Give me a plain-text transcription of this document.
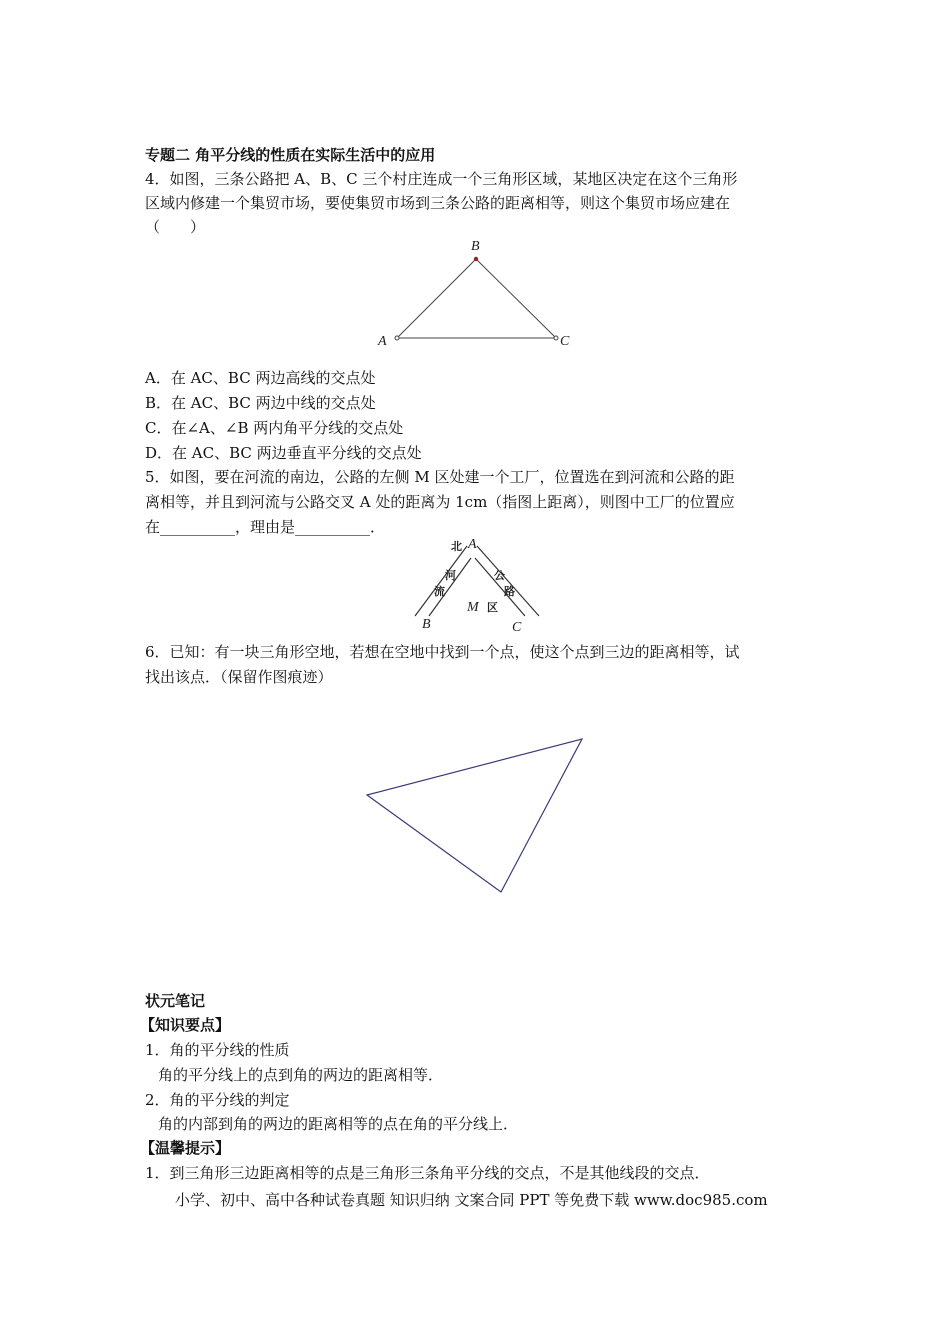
专题二 角平分线的性质在实际生活中的应用
4．如图，三条公路把 A、B、C 三个村庄连成一个三角形区域，某地区决定在这个三角形
区域内修建一个集贸市场，要使集贸市场到三条公路的距离相等，则这个集贸市场应建在
（　　）
B
A	C
A．在 AC、BC 两边高线的交点处
B．在 AC、BC 两边中线的交点处
C．在∠A、∠B 两内角平分线的交点处
D．在 AC、BC 两边垂直平分线的交点处
5．如图，要在河流的南边，公路的左侧 M 区处建一个工厂，位置选在到河流和公路的距
离相等，并且到河流与公路交叉 A 处的距离为 1cm（指图上距离），则图中工厂的位置应
在__________，理由是__________．
北 A
河
流
公
路
M 区
B	C
6．已知：有一块三角形空地，若想在空地中找到一个点，使这个点到三边的距离相等，试
找出该点．（保留作图痕迹）
状元笔记
【知识要点】
1．角的平分线的性质
角的平分线上的点到角的两边的距离相等．
2．角的平分线的判定
角的内部到角的两边的距离相等的点在角的平分线上．
【温馨提示】
1．到三角形三边距离相等的点是三角形三条角平分线的交点，不是其他线段的交点．
小学、初中、高中各种试卷真题 知识归纳 文案合同 PPT 等免费下载 www.doc985.com
